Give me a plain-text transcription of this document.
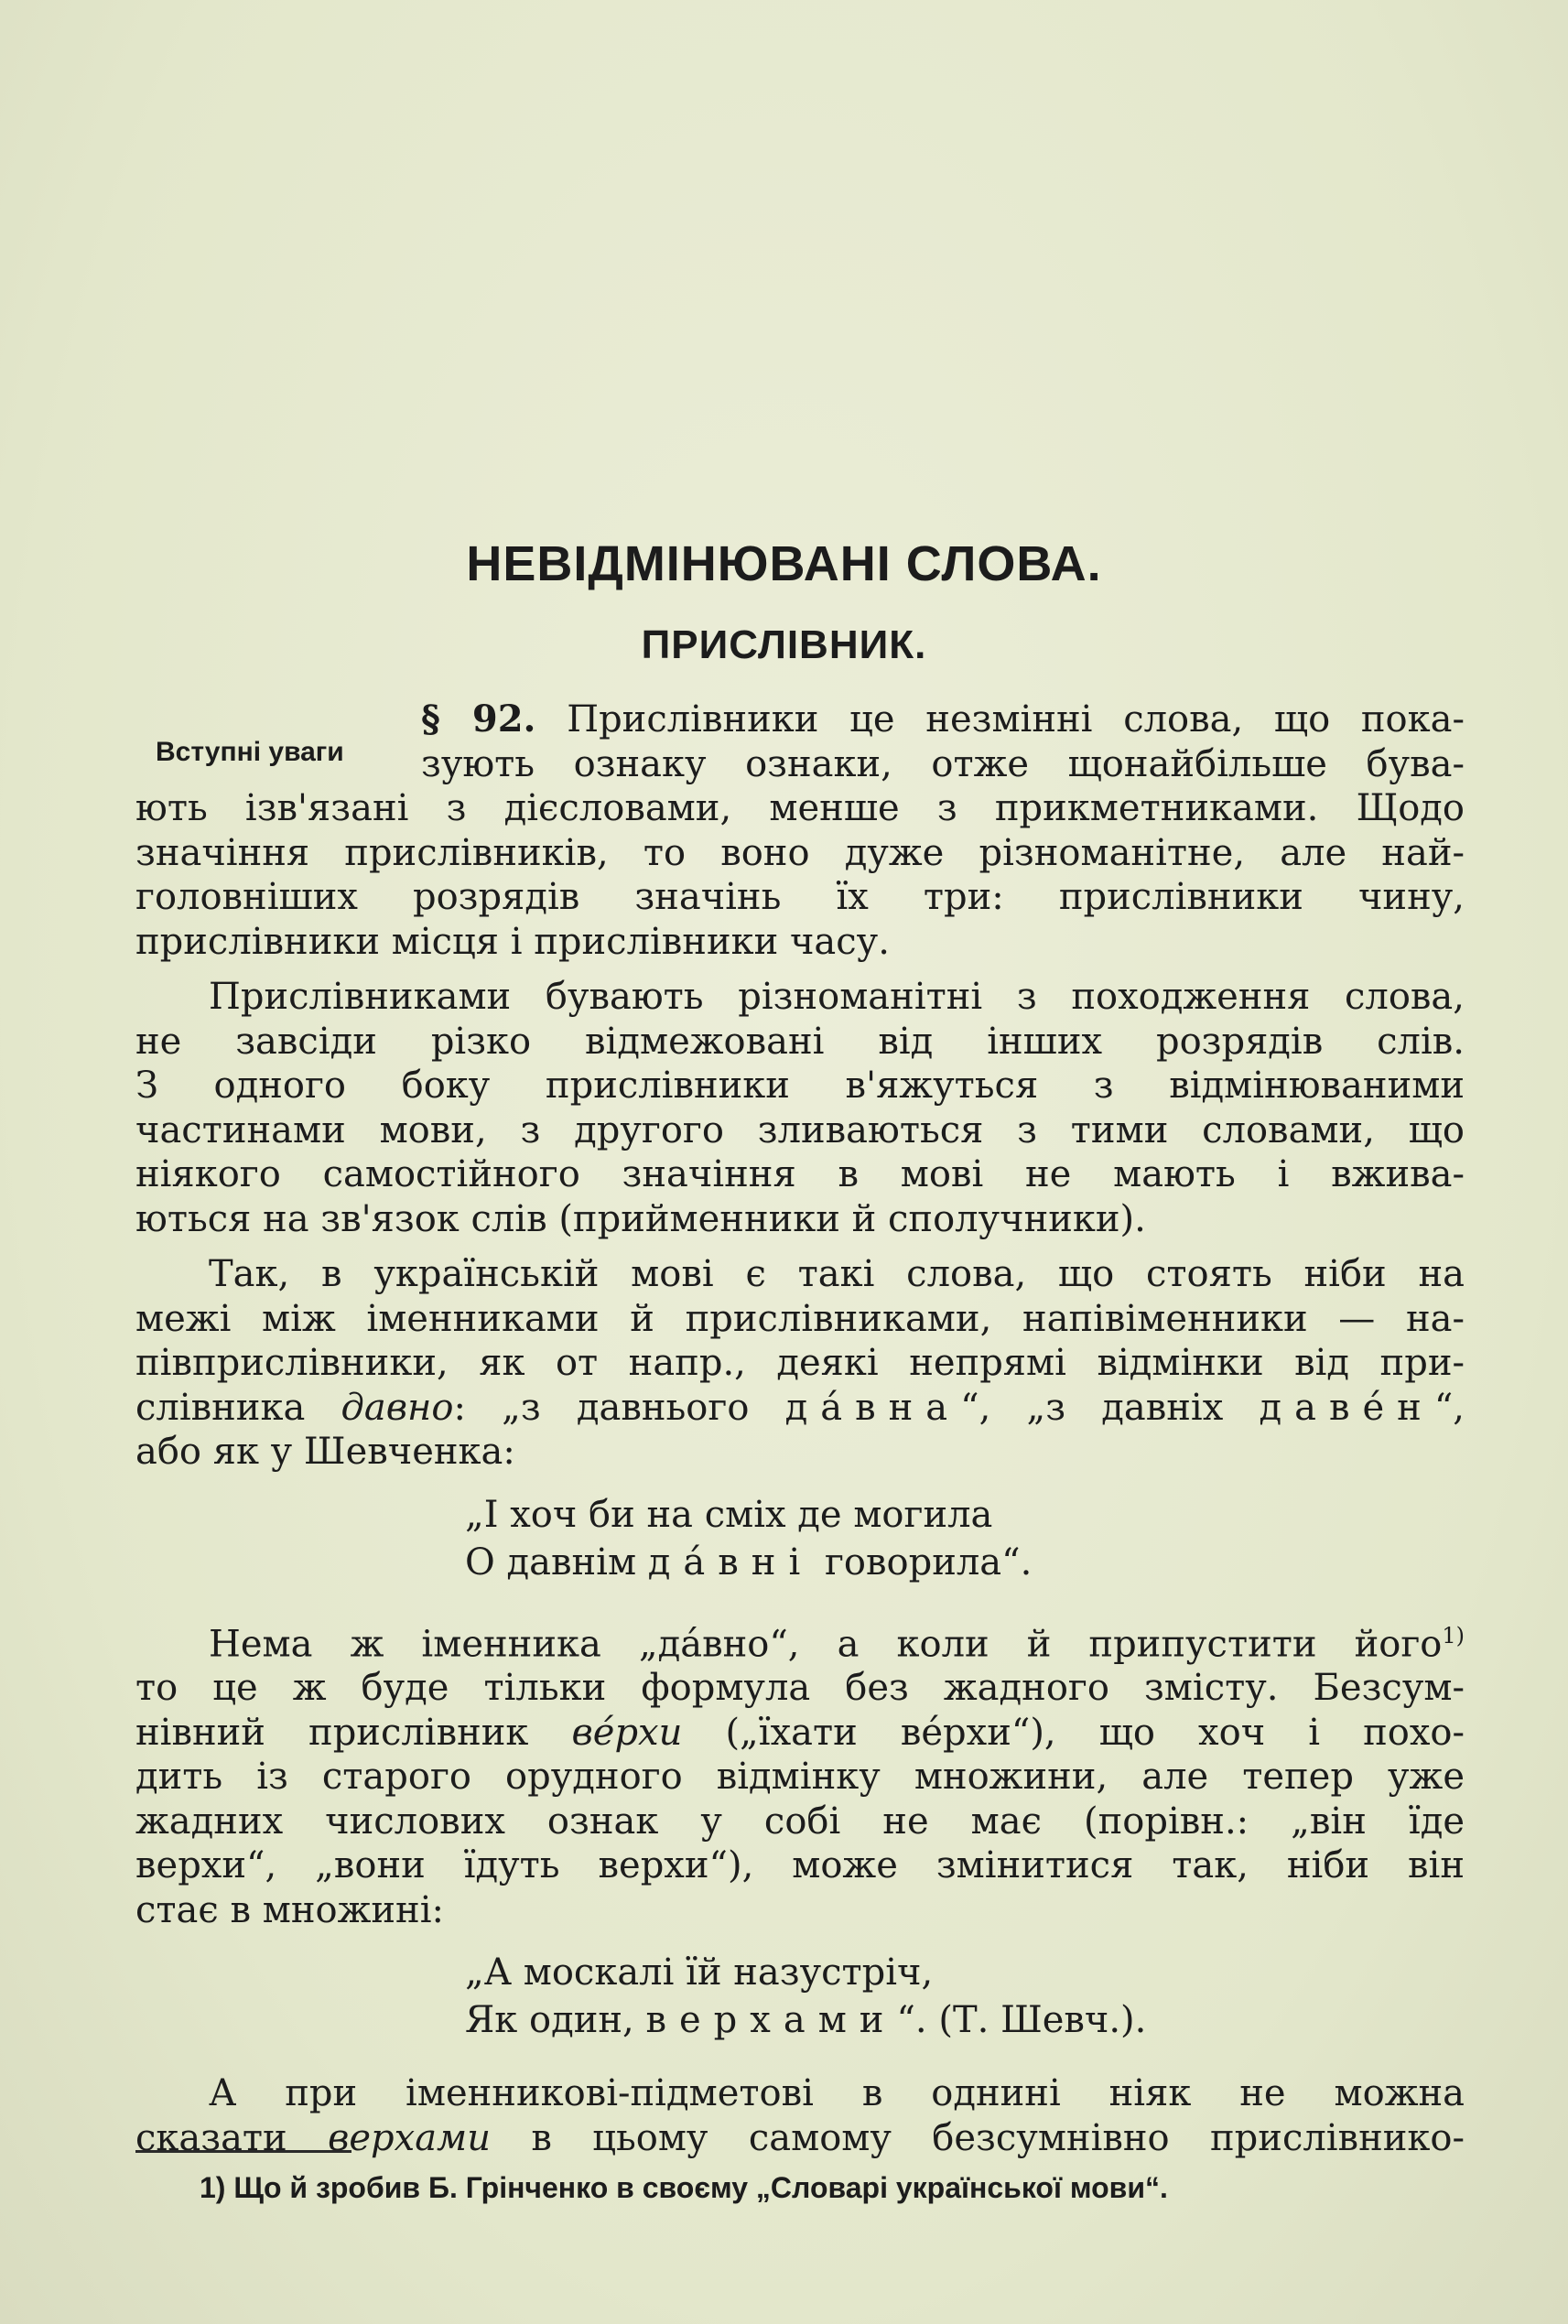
НЕВІДМІНЮВАНІ СЛОВА.
ПРИСЛІВНИК.
Вступні уваги

§ 92. Прислівники це незмінні слова, що пока-

зують ознаку ознаки, отже щонайбільше бува-

ють ізв'язані з дієсловами, менше з прикметниками. Щодо

значіння прислівників, то воно дуже різноманітне, але най-

головніших розрядів значінь їх три: прислівники чину,

прислівники місця і прислівники часу.

Прислівниками бувають різноманітні з походження слова,

не завсіди різко відмежовані від інших розрядів слів.

З одного боку прислівники в'яжуться з відмінюваними

частинами мови, з другого зливаються з тими словами, що

ніякого самостійного значіння в мові не мають і вжива-

ються на зв'язок слів (прийменники й сполучники).

Так, в українській мові є такі слова, що стоять ніби на

межі між іменниками й прислівниками, напівіменники — на-

півприслівники, як от напр., деякі непрямі відмінки від при-

слівника давно: „з давнього да́вна“, „з давніх даве́н“,

або як у Шевченка:

„І хоч би на сміх де могила
О давнім да́вні говорила“.

Нема ж іменника „да́вно“, а коли й припустити його$^{1)}$

то це ж буде тільки формула без жадного змісту. Безсум-

нівний прислівник ве́рхи („їхати ве́рхи“), що хоч і похо-

дить із старого орудного відмінку множини, але тепер уже

жадних числових ознак у собі не має (порівн.: „він їде

верхи“, „вони їдуть верхи“), може змінитися так, ніби він

стає в множині:

„А москалі їй назустріч,
Як один, верхами“. (Т. Шевч.).

А при іменникові-підметові в однині ніяк не можна

сказати верхами в цьому самому безсумнівно прислівнико-

1) Що й зробив Б. Грінченко в своєму „Словарі української мови“.
